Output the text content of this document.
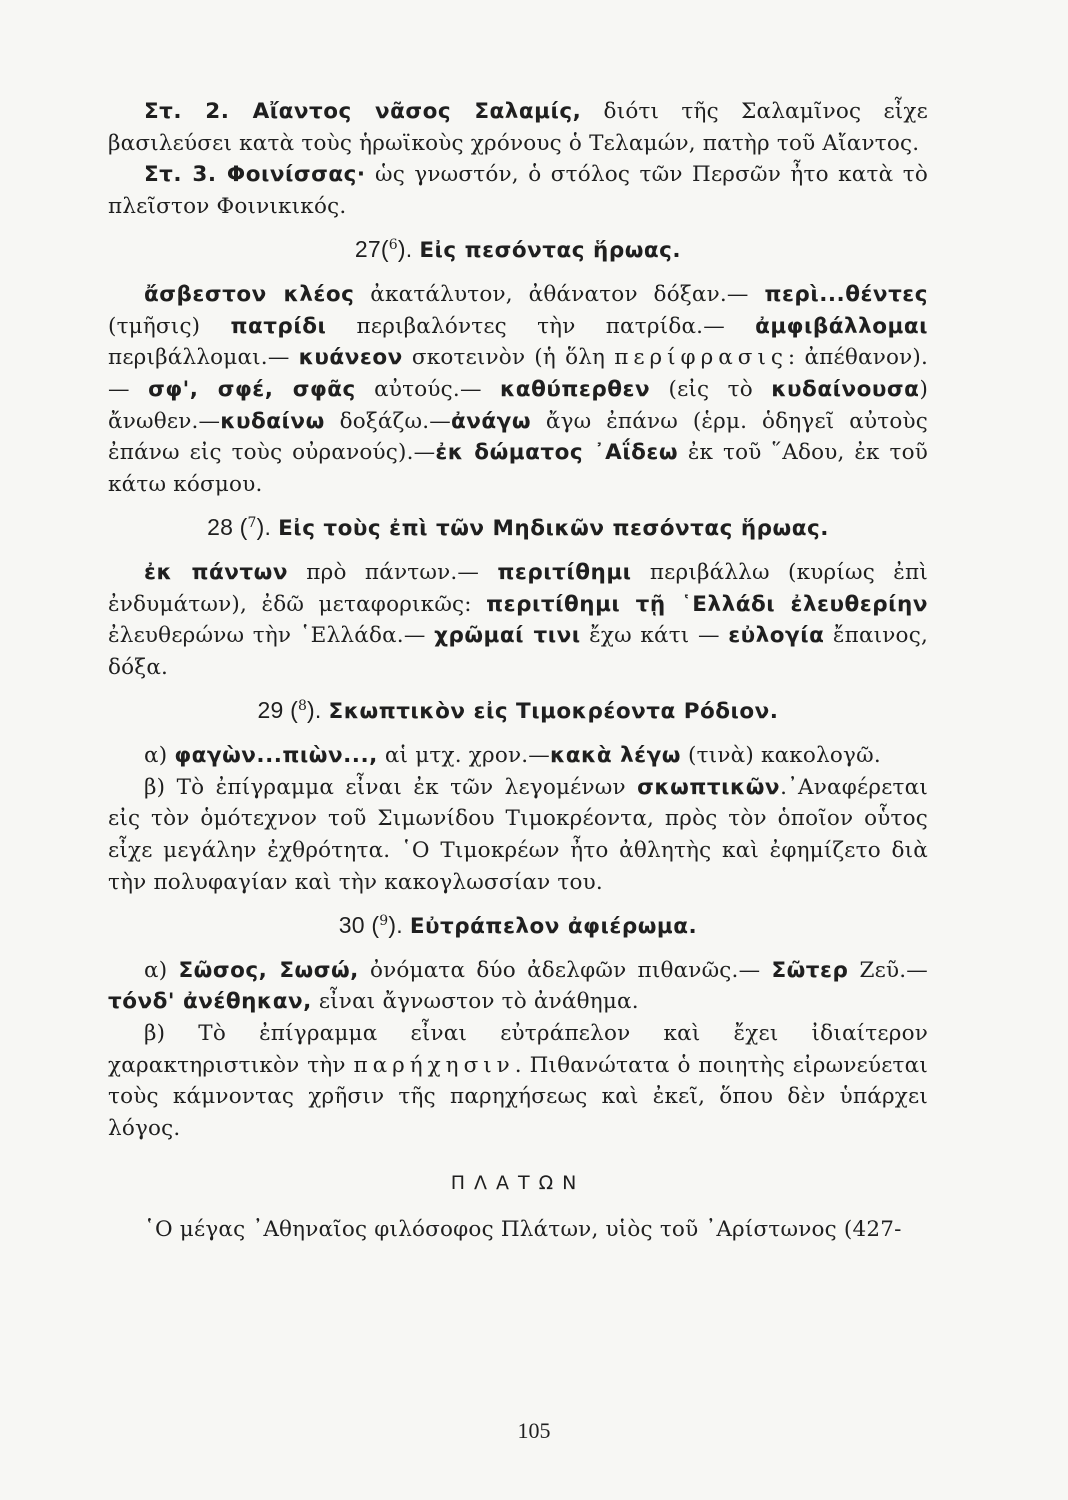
Στ. 2. Αἴαντος νᾶσος Σαλαμίς, διότι τῆς Σαλαμῖνος εἶχε βασιλεύσει κατὰ τοὺς ἡρωϊκοὺς χρόνους ὁ Τελαμών, πατὴρ τοῦ Αἴαντος.

Στ. 3. Φοινίσσας· ὡς γνωστόν, ὁ στόλος τῶν Περσῶν ἦτο κατὰ τὸ πλεῖστον Φοινικικός.

27($^6$). Εἰς πεσόντας ἥρωας.

ἄσβεστον κλέος ἀκατάλυτον, ἀθάνατον δόξαν.— περὶ...θέντες (τμῆσις) πατρίδι περιβαλόντες τὴν πατρίδα.— ἀμφιβάλλομαι περιβάλλομαι.— κυάνεον σκοτεινὸν (ἡ ὅλη περίφρασις: ἀπέθανον).— σφ', σφέ, σφᾶς αὐτούς.— καθύπερθεν (εἰς τὸ κυδαίνουσα) ἄνωθεν.—κυδαίνω δοξάζω.—ἀνάγω ἄγω ἐπάνω (ἑρμ. ὁδηγεῖ αὐτοὺς ἐπάνω εἰς τοὺς οὐρανούς).—ἐκ δώματος ᾿Αΐδεω ἐκ τοῦ ῞Αδου, ἐκ τοῦ κάτω κόσμου.

28 ($^7$). Εἰς τοὺς ἐπὶ τῶν Μηδικῶν πεσόντας ἥρωας.

ἐκ πάντων πρὸ πάντων.— περιτίθημι περιβάλλω (κυρίως ἐπὶ ἐνδυμάτων), ἐδῶ μεταφορικῶς: περιτίθημι τῇ ῾Ελλάδι ἐλευθερίην ἐλευθερώνω τὴν ῾Ελλάδα.— χρῶμαί τινι ἔχω κάτι — εὐλογία ἔπαινος, δόξα.

29 ($^8$). Σκωπτικὸν εἰς Τιμοκρέοντα Ρόδιον.

α) φαγὼν...πιὼν..., αἱ μτχ. χρον.—κακὰ λέγω (τινὰ) κακολογῶ.

β) Τὸ ἐπίγραμμα εἶναι ἐκ τῶν λεγομένων σκωπτικῶν.᾿Αναφέρεται εἰς τὸν ὁμότεχνον τοῦ Σιμωνίδου Τιμοκρέοντα, πρὸς τὸν ὁποῖον οὗτος εἶχε μεγάλην ἐχθρότητα. ῾Ο Τιμοκρέων ἦτο ἀθλητὴς καὶ ἐφημίζετο διὰ τὴν πολυφαγίαν καὶ τὴν κακογλωσσίαν του.

30 ($^9$). Εὐτράπελον ἀφιέρωμα.

α) Σῶσος, Σωσώ, ὀνόματα δύο ἀδελφῶν πιθανῶς.— Σῶτερ Ζεῦ.— τόνδ' ἀνέθηκαν, εἶναι ἄγνωστον τὸ ἀνάθημα.

β) Τὸ ἐπίγραμμα εἶναι εὐτράπελον καὶ ἔχει ἰδιαίτερον χαρακτηριστικὸν τὴν παρήχησιν. Πιθανώτατα ὁ ποιητὴς εἰρωνεύεται τοὺς κάμνοντας χρῆσιν τῆς παρηχήσεως καὶ ἐκεῖ, ὅπου δὲν ὑπάρχει λόγος.

ΠΛΑΤΩΝ

῾Ο μέγας ᾿Αθηναῖος φιλόσοφος Πλάτων, υἱὸς τοῦ ᾿Αρίστωνος (427-

105
